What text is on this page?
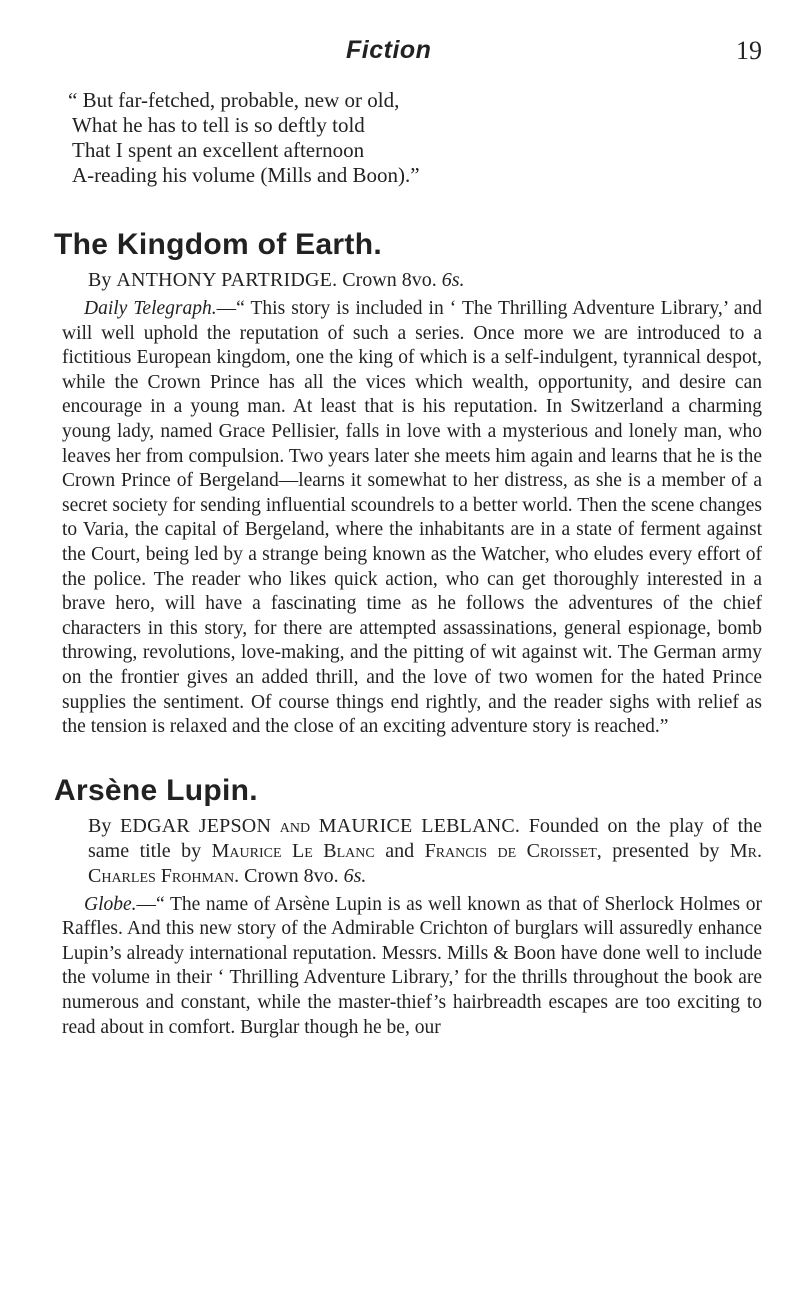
Fiction	19
“ But far-fetched, probable, new or old,
What he has to tell is so deftly told
That I spent an excellent afternoon
A-reading his volume (Mills and Boon).”
The Kingdom of Earth.
By ANTHONY PARTRIDGE. Crown 8vo. 6s.

Daily Telegraph.—“ This story is included in ‘ The Thrilling Adventure Library,’ and will well uphold the reputation of such a series. Once more we are introduced to a fictitious European kingdom, one the king of which is a self-indulgent, tyrannical despot, while the Crown Prince has all the vices which wealth, opportunity, and desire can encourage in a young man. At least that is his reputation. In Switzerland a charming young lady, named Grace Pellisier, falls in love with a mysterious and lonely man, who leaves her from compulsion. Two years later she meets him again and learns that he is the Crown Prince of Bergeland—learns it somewhat to her distress, as she is a member of a secret society for sending influential scoundrels to a better world. Then the scene changes to Varia, the capital of Bergeland, where the inhabitants are in a state of ferment against the Court, being led by a strange being known as the Watcher, who eludes every effort of the police. The reader who likes quick action, who can get thoroughly interested in a brave hero, will have a fascinating time as he follows the adventures of the chief characters in this story, for there are attempted assassinations, general espionage, bomb throwing, revolutions, love-making, and the pitting of wit against wit. The German army on the frontier gives an added thrill, and the love of two women for the hated Prince supplies the sentiment. Of course things end rightly, and the reader sighs with relief as the tension is relaxed and the close of an exciting adventure story is reached.”

Arsène Lupin.
By EDGAR JEPSON and MAURICE LEBLANC. Founded on the play of the same title by Maurice Le Blanc and Francis de Croisset, presented by Mr. Charles Frohman. Crown 8vo. 6s.

Globe.—“ The name of Arsène Lupin is as well known as that of Sherlock Holmes or Raffles. And this new story of the Admirable Crichton of burglars will assuredly enhance Lupin’s already international reputation. Messrs. Mills & Boon have done well to include the volume in their ‘ Thrilling Adventure Library,’ for the thrills throughout the book are numerous and constant, while the master-thief’s hairbreadth escapes are too exciting to read about in comfort. Burglar though he be, our
